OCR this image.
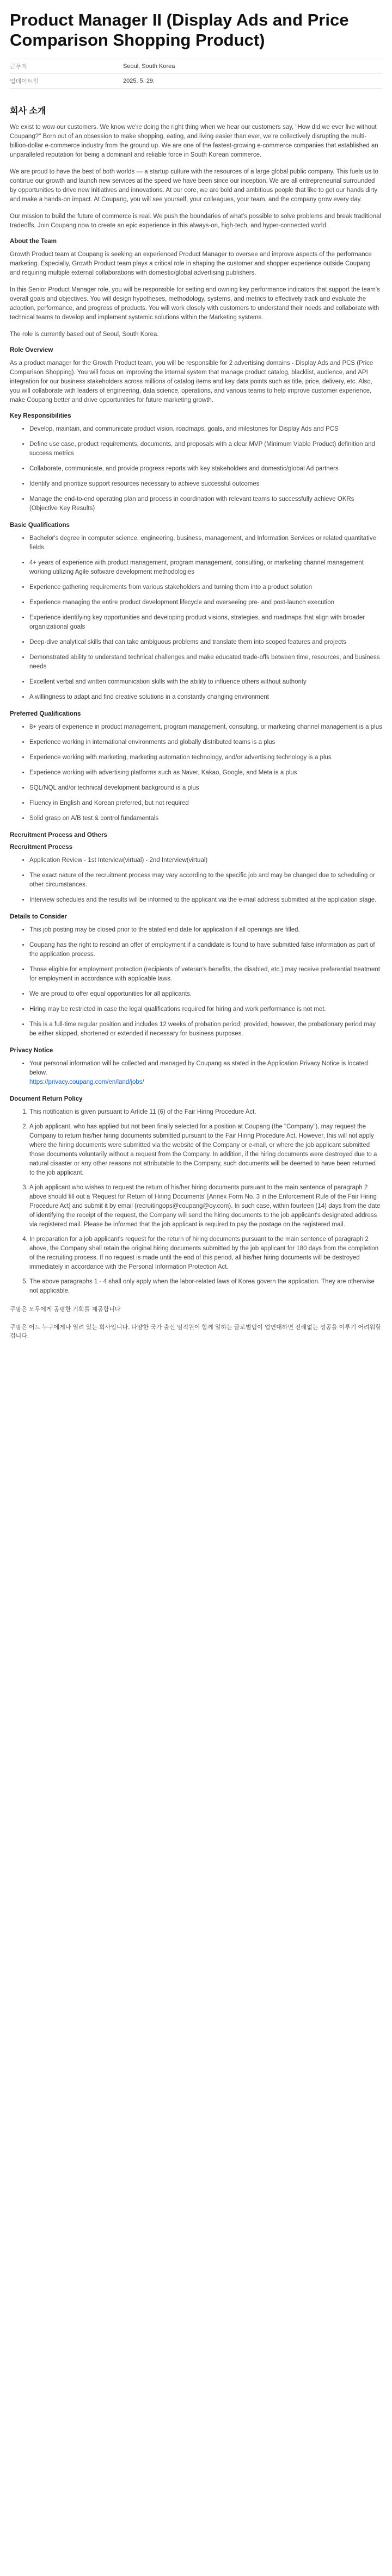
Product Manager II (Display Ads and Price Comparison Shopping Product)
근무지	Seoul, South Korea
업데이트일	2025. 5. 29.
회사 소개

We exist to wow our customers. We know we're doing the right thing when we hear our customers say, "How did we ever live without Coupang?" Born out of an obsession to make shopping, eating, and living easier than ever, we're collectively disrupting the multi-billion-dollar e-commerce industry from the ground up. We are one of the fastest-growing e-commerce companies that established an unparalleled reputation for being a dominant and reliable force in South Korean commerce.

We are proud to have the best of both worlds — a startup culture with the resources of a large global public company. This fuels us to continue our growth and launch new services at the speed we have been since our inception. We are all entrepreneurial surrounded by opportunities to drive new initiatives and innovations. At our core, we are bold and ambitious people that like to get our hands dirty and make a hands-on impact. At Coupang, you will see yourself, your colleagues, your team, and the company grow every day.

Our mission to build the future of commerce is real. We push the boundaries of what's possible to solve problems and break traditional tradeoffs. Join Coupang now to create an epic experience in this always-on, high-tech, and hyper-connected world.

About the Team

Growth Product team at Coupang is seeking an experienced Product Manager to oversee and improve aspects of the performance marketing. Especially, Growth Product team plays a critical role in shaping the customer and shopper experience outside Coupang and requiring multiple external collaborations with domestic/global advertising publishers.

In this Senior Product Manager role, you will be responsible for setting and owning key performance indicators that support the team's overall goals and objectives. You will design hypotheses, methodology, systems, and metrics to effectively track and evaluate the adoption, performance, and progress of products. You will work closely with customers to understand their needs and collaborate with technical teams to develop and implement systemic solutions within the Marketing systems.

The role is currently based out of Seoul, South Korea.

Role Overview

As a product manager for the Growth Product team, you will be responsible for 2 advertising domains - Display Ads and PCS (Price Comparison Shopping). You will focus on improving the internal system that manage product catalog, blacklist, audience, and API integration for our business stakeholders across millions of catalog items and key data points such as title, price, delivery, etc. Also, you will collaborate with leaders of engineering, data science, operations, and various teams to help improve customer experience, make Coupang better and drive opportunities for future marketing growth.

Key Responsibilities
• Develop, maintain, and communicate product vision, roadmaps, goals, and milestones for Display Ads and PCS
• Define use case, product requirements, documents, and proposals with a clear MVP (Minimum Viable Product) definition and success metrics
• Collaborate, communicate, and provide progress reports with key stakeholders and domestic/global Ad partners
• Identify and prioritize support resources necessary to achieve successful outcomes
• Manage the end-to-end operating plan and process in coordination with relevant teams to successfully achieve OKRs (Objective Key Results)
Basic Qualifications
• Bachelor's degree in computer science, engineering, business, management, and Information Services or related quantitative fields
• 4+ years of experience with product management, program management, consulting, or marketing channel management working utilizing Agile software development methodologies
• Experience gathering requirements from various stakeholders and turning them into a product solution
• Experience managing the entire product development lifecycle and overseeing pre- and post-launch execution
• Experience identifying key opportunities and developing product visions, strategies, and roadmaps that align with broader organizational goals
• Deep-dive analytical skills that can take ambiguous problems and translate them into scoped features and projects
• Demonstrated ability to understand technical challenges and make educated trade-offs between time, resources, and business needs
• Excellent verbal and written communication skills with the ability to influence others without authority
• A willingness to adapt and find creative solutions in a constantly changing environment
Preferred Qualifications
• 8+ years of experience in product management, program management, consulting, or marketing channel management is a plus
• Experience working in international environments and globally distributed teams is a plus
• Experience working with marketing, marketing automation technology, and/or advertising technology is a plus
• Experience working with advertising platforms such as Naver, Kakao, Google, and Meta is a plus
• SQL/NQL and/or technical development background is a plus
• Fluency in English and Korean preferred, but not required
• Solid grasp on A/B test & control fundamentals
Recruitment Process and Others
Recruitment Process
• Application Review - 1st Interview(virtual) - 2nd Interview(virtual)
• The exact nature of the recruitment process may vary according to the specific job and may be changed due to scheduling or other circumstances.
• Interview schedules and the results will be informed to the applicant via the e-mail address submitted at the application stage.
Details to Consider
• This job posting may be closed prior to the stated end date for application if all openings are filled.
• Coupang has the right to rescind an offer of employment if a candidate is found to have submitted false information as part of the application process.
• Those eligible for employment protection (recipients of veteran's benefits, the disabled, etc.) may receive preferential treatment for employment in accordance with applicable laws.
• We are proud to offer equal opportunities for all applicants.
• Hiring may be restricted in case the legal qualifications required for hiring and work performance is not met.
• This is a full-time regular position and includes 12 weeks of probation period; provided, however, the probationary period may be either skipped, shortened or extended if necessary for business purposes.
Privacy Notice
• Your personal information will be collected and managed by Coupang as stated in the Application Privacy Notice is located below.
https://privacy.coupang.com/en/land/jobs/
Document Return Policy
1. This notification is given pursuant to Article 11 (6) of the Fair Hiring Procedure Act.
2. A job applicant, who has applied but not been finally selected for a position at Coupang (the "Company"), may request the Company to return his/her hiring documents submitted pursuant to the Fair Hiring Procedure Act. However, this will not apply where the hiring documents were submitted via the website of the Company or e-mail, or where the job applicant submitted those documents voluntarily without a request from the Company. In addition, if the hiring documents were destroyed due to a natural disaster or any other reasons not attributable to the Company, such documents will be deemed to have been returned to the job applicant.
3. A job applicant who wishes to request the return of his/her hiring documents pursuant to the main sentence of paragraph 2 above should fill out a 'Request for Return of Hiring Documents' [Annex Form No. 3 in the Enforcement Rule of the Fair Hiring Procedure Act] and submit it by email (recruitingops@coupang@oy.com). In such case, within fourteen (14) days from the date of identifying the receipt of the request, the Company will send the hiring documents to the job applicant's designated address via registered mail. Please be informed that the job applicant is required to pay the postage on the registered mail.
4. In preparation for a job applicant's request for the return of hiring documents pursuant to the main sentence of paragraph 2 above, the Company shall retain the original hiring documents submitted by the job applicant for 180 days from the completion of the recruiting process. If no request is made until the end of this period, all his/her hiring documents will be destroyed immediately in accordance with the Personal Information Protection Act.
5. The above paragraphs 1 - 4 shall only apply when the labor-related laws of Korea govern the application. They are otherwise not applicable.
쿠팡은 모두에게 공평한 기회를 제공합니다
쿠팡은 어느 누구에게나 열려 있는 회사입니다. 다양한 국가 출신 임직원이 함께 일하는 글로벌팀이 업연대하면 전례없는 성공을 이루기 어려워할 겁니다.
